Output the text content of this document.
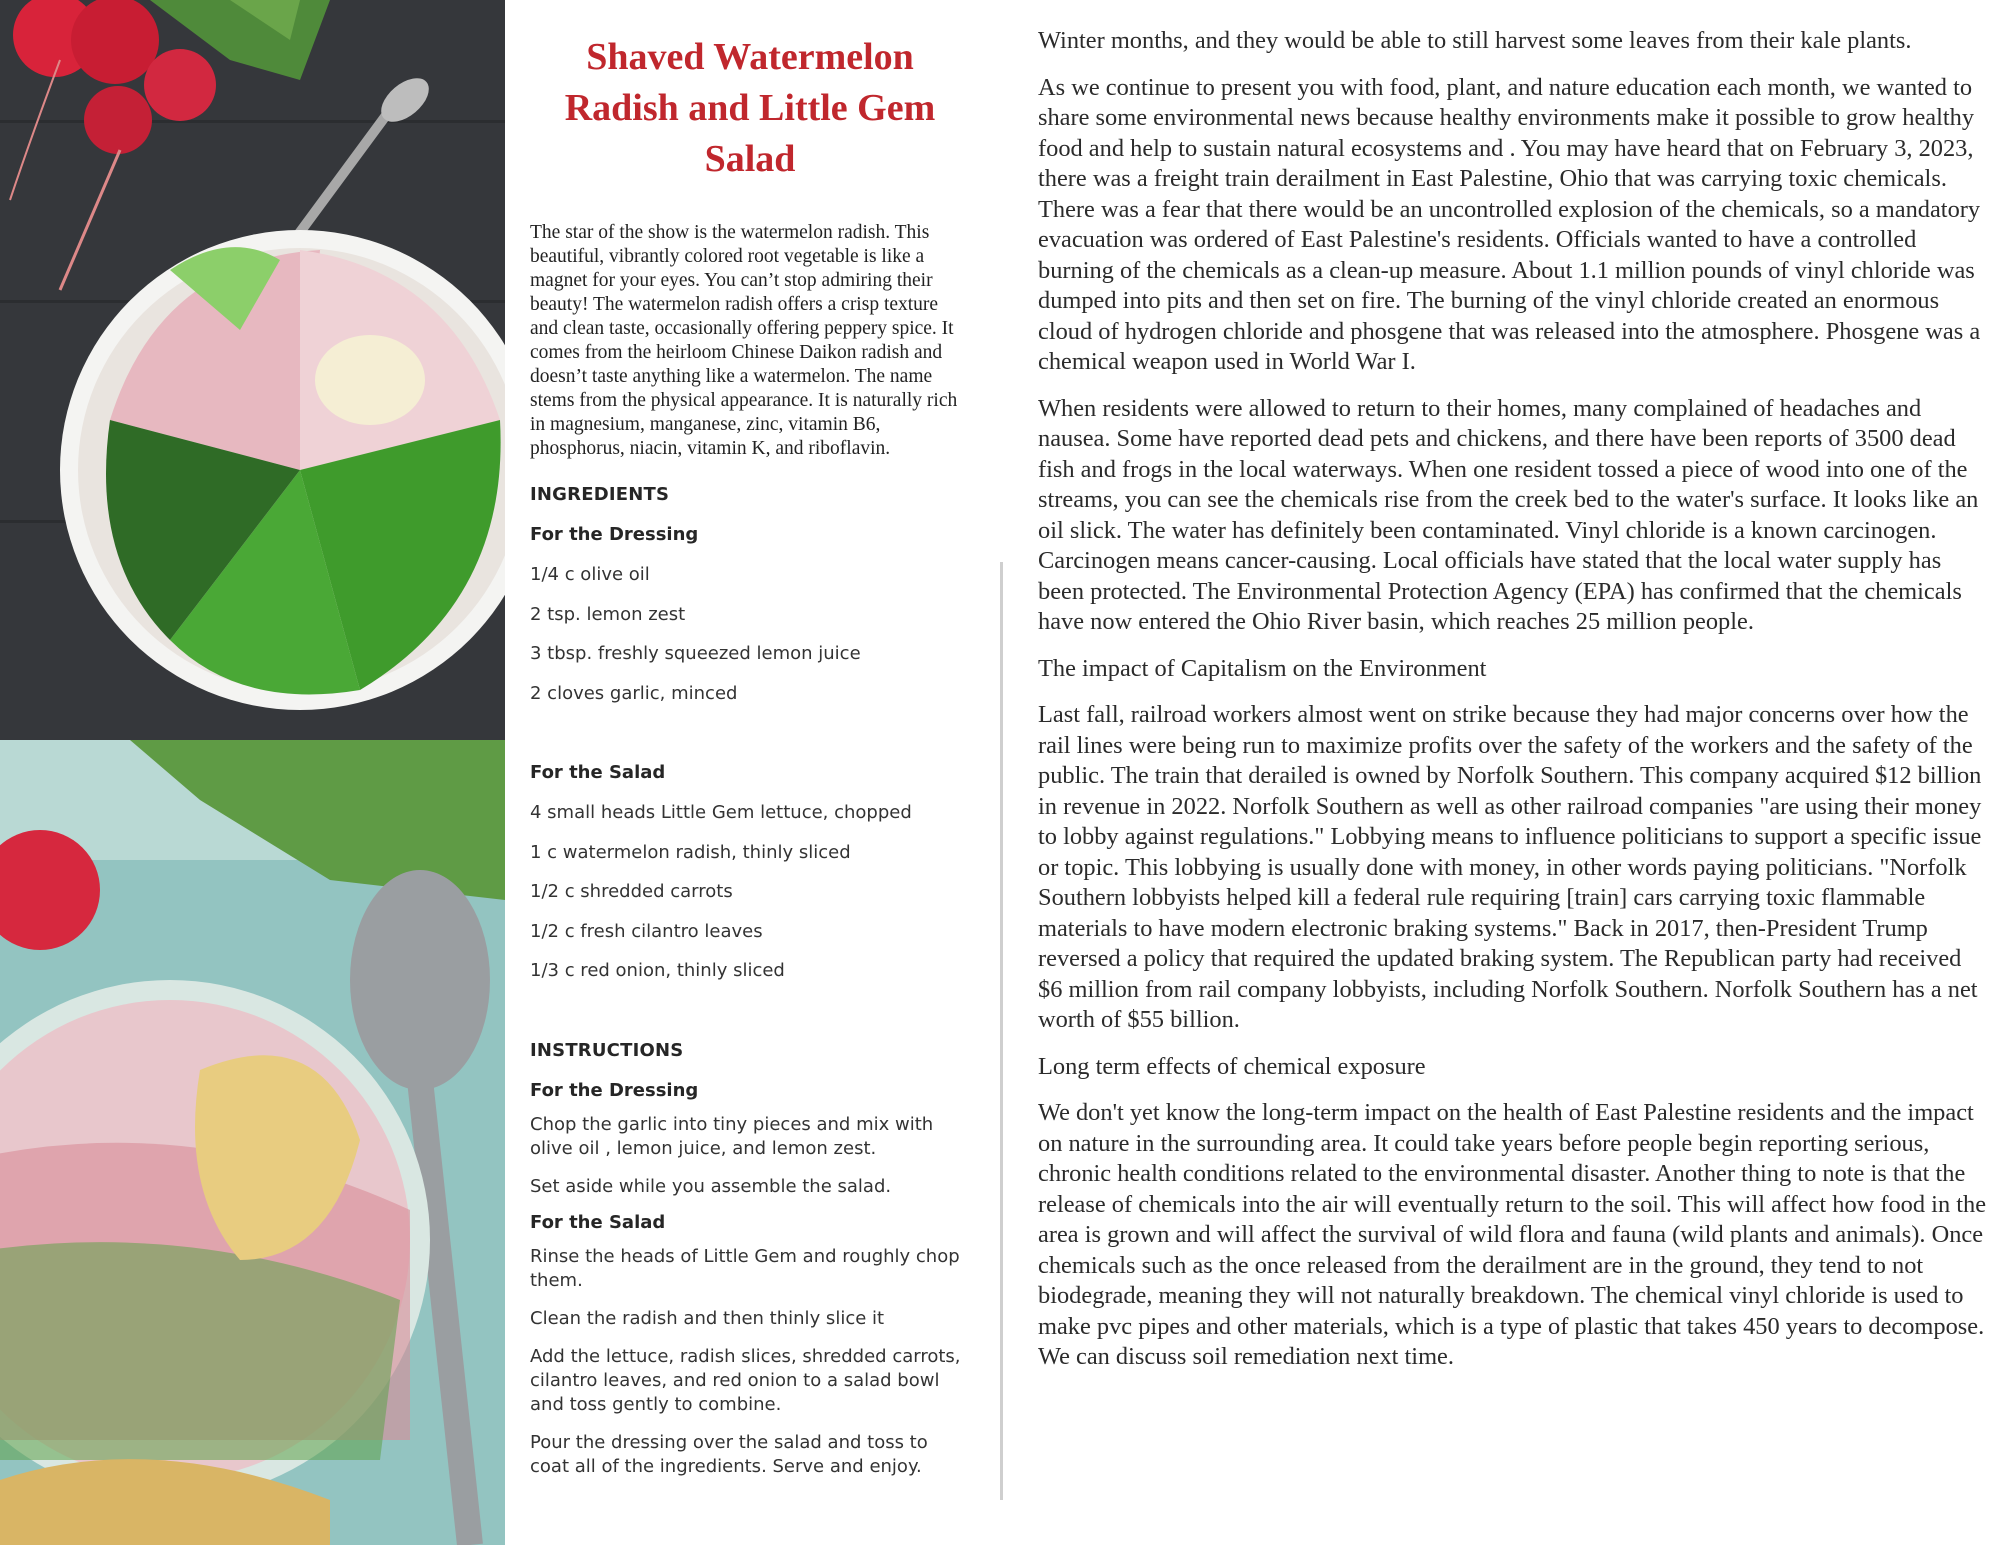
Shaved Watermelon Radish and Little Gem Salad

The star of the show is the watermelon radish. This beautiful, vibrantly colored root vegetable is like a magnet for your eyes. You can’t stop admiring their beauty! The watermelon radish offers a crisp texture and clean taste, occasionally offering peppery spice. It comes from the heirloom Chinese Daikon radish and doesn’t taste anything like a watermelon. The name stems from the physical appearance. It is naturally rich in magnesium, manganese, zinc, vitamin B6, phosphorus, niacin, vitamin K, and riboflavin.

INGREDIENTS
For the Dressing
1/4 c olive oil
2 tsp. lemon zest
3 tbsp. freshly squeezed lemon juice
2 cloves garlic, minced
For the Salad
4 small heads Little Gem lettuce, chopped
1 c watermelon radish, thinly sliced
1/2 c shredded carrots
1/2 c fresh cilantro leaves
1/3 c red onion, thinly sliced
INSTRUCTIONS
For the Dressing
Chop the garlic into tiny pieces and mix with olive oil , lemon juice, and lemon zest.
Set aside while you assemble the salad.
For the Salad
Rinse the heads of Little Gem and roughly chop them.
Clean the radish and then thinly slice it
Add the lettuce, radish slices, shredded carrots, cilantro leaves, and red onion to a salad bowl and toss gently to combine.
Pour the dressing over the salad and toss to coat all of the ingredients. Serve and enjoy.

Winter months, and they would be able to still harvest some leaves from their kale plants.

As we continue to present you with food, plant, and nature education each month, we wanted to share some environmental news because healthy environments make it possible to grow healthy food and help to sustain natural ecosystems and . You may have heard that on February 3, 2023, there was a freight train derailment in East Palestine, Ohio that was carrying toxic chemicals. There was a fear that there would be an uncontrolled explosion of the chemicals, so a mandatory evacuation was ordered of East Palestine's residents. Officials wanted to have a controlled burning of the chemicals as a clean-up measure. About 1.1 million pounds of vinyl chloride was dumped into pits and then set on fire. The burning of the vinyl chloride created an enormous cloud of hydrogen chloride and phosgene that was released into the atmosphere. Phosgene was a chemical weapon used in World War I.

When residents were allowed to return to their homes, many complained of headaches and nausea. Some have reported dead pets and chickens, and there have been reports of 3500 dead fish and frogs in the local waterways. When one resident tossed a piece of wood into one of the streams, you can see the chemicals rise from the creek bed to the water's surface. It looks like an oil slick. The water has definitely been contaminated. Vinyl chloride is a known carcinogen. Carcinogen means cancer-causing. Local officials have stated that the local water supply has been protected. The Environmental Protection Agency (EPA) has confirmed that the chemicals have now entered the Ohio River basin, which reaches 25 million people.

The impact of Capitalism on the Environment

Last fall, railroad workers almost went on strike because they had major concerns over how the rail lines were being run to maximize profits over the safety of the workers and the safety of the public. The train that derailed is owned by Norfolk Southern. This company acquired $12 billion in revenue in 2022. Norfolk Southern as well as other railroad companies "are using their money to lobby against regulations." Lobbying means to influence politicians to support a specific issue or topic. This lobbying is usually done with money, in other words paying politicians. "Norfolk Southern lobbyists helped kill a federal rule requiring [train] cars carrying toxic flammable materials to have modern electronic braking systems." Back in 2017, then-President Trump reversed a policy that required the updated braking system. The Republican party had received $6 million from rail company lobbyists, including Norfolk Southern. Norfolk Southern has a net worth of $55 billion.

Long term effects of chemical exposure

We don't yet know the long-term impact on the health of East Palestine residents and the impact on nature in the surrounding area. It could take years before people begin reporting serious, chronic health conditions related to the environmental disaster. Another thing to note is that the release of chemicals into the air will eventually return to the soil. This will affect how food in the area is grown and will affect the survival of wild flora and fauna (wild plants and animals). Once chemicals such as the once released from the derailment are in the ground, they tend to not biodegrade, meaning they will not naturally breakdown. The chemical vinyl chloride is used to make pvc pipes and other materials, which is a type of plastic that takes 450 years to decompose. We can discuss soil remediation next time.
